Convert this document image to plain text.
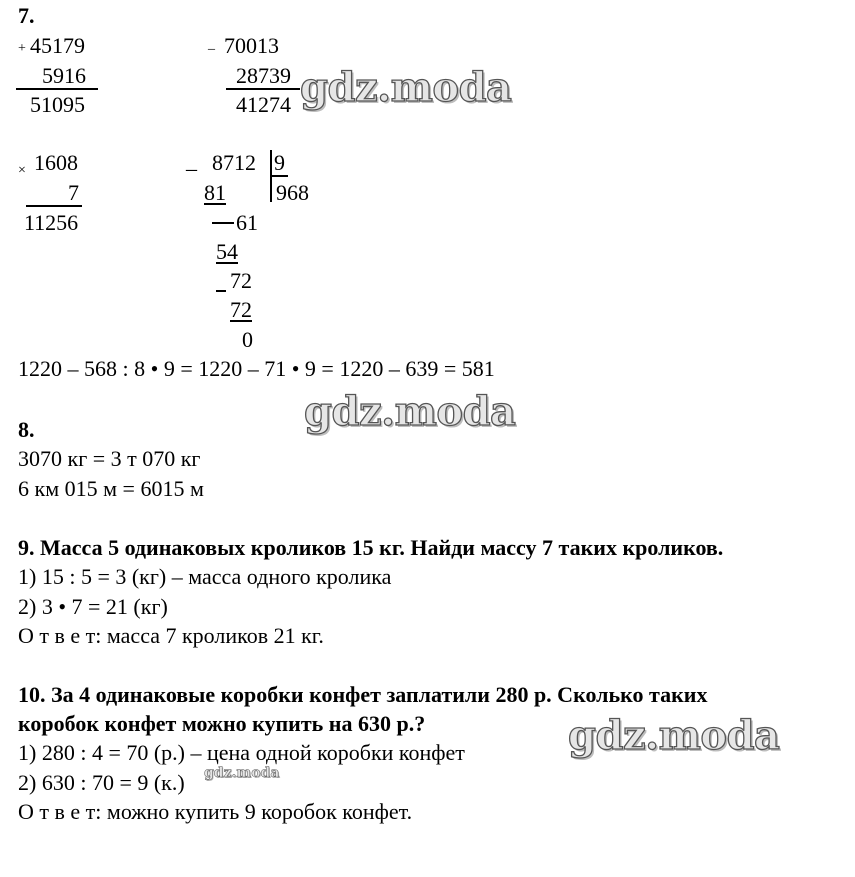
7.
+ 45179
5916
51095
_ 70013
28739
41274
× 1608
7
11256
_ 8712 9
968
81
61
54
72
72
0
1220 – 568 : 8 • 9 = 1220 – 71 • 9 = 1220 – 639 = 581
8.
3070 кг = 3 т 070 кг
6 км 015 м = 6015 м
9. Масса 5 одинаковых кроликов 15 кг. Найди массу 7 таких кроликов.
1) 15 : 5 = 3 (кг) – масса одного кролика
2) 3 • 7 = 21 (кг)
О т в е т: масса 7 кроликов 21 кг.
10. За 4 одинаковые коробки конфет заплатили 280 р. Сколько таких
коробок конфет можно купить на 630 р.?
1) 280 : 4 = 70 (р.) – цена одной коробки конфет
2) 630 : 70 = 9 (к.)
О т в е т: можно купить 9 коробок конфет.
gdz.moda
gdz.moda
gdz.moda
gdz.moda
